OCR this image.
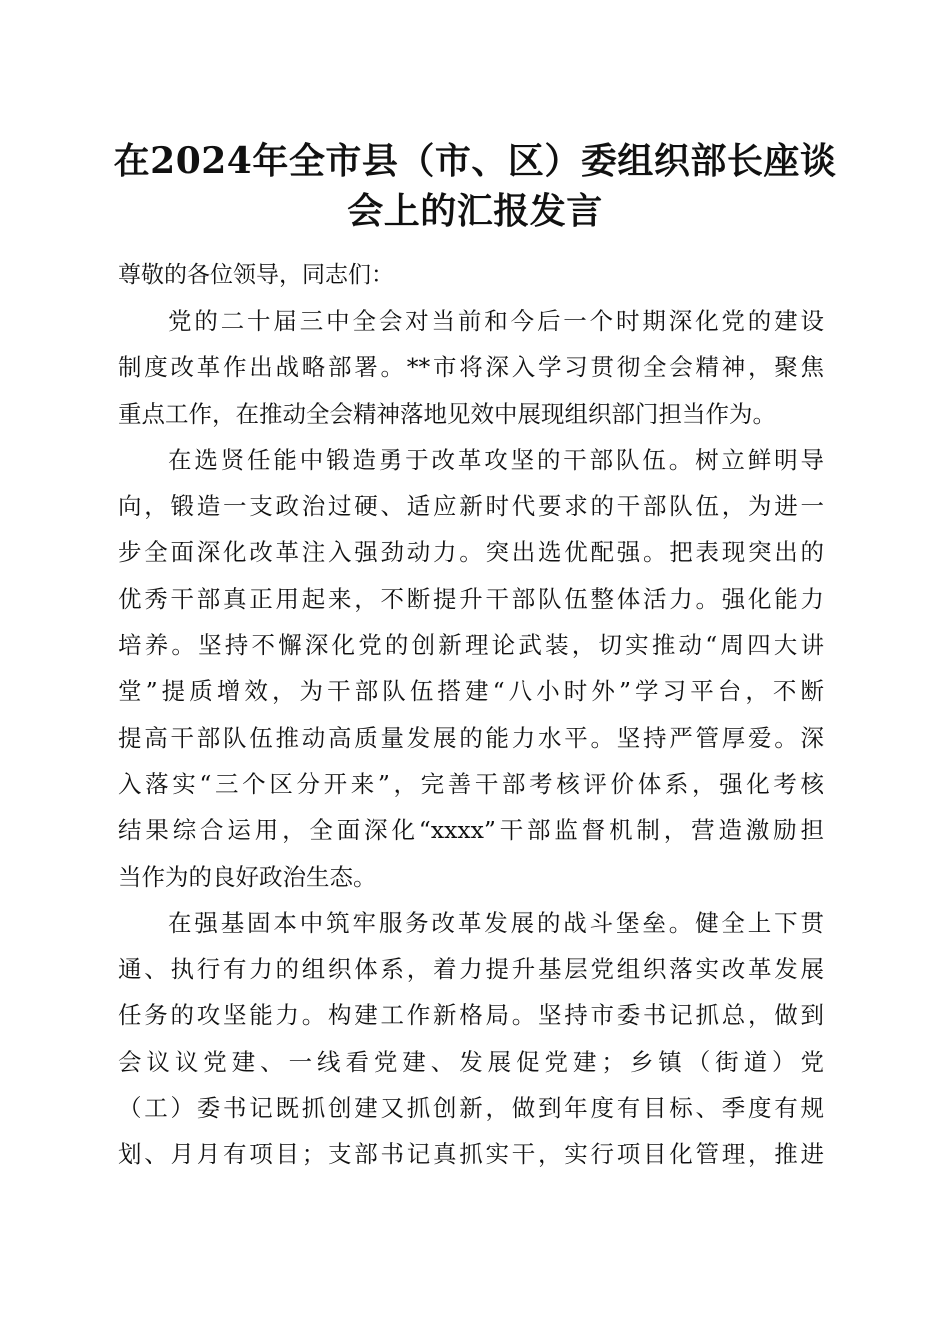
在2024年全市县（市、区）委组织部长座谈
会上的汇报发言

尊敬的各位领导，同志们：

党的二十届三中全会对当前和今后一个时期深化党的建设
制度改革作出战略部署。**市将深入学习贯彻全会精神，聚焦
重点工作，在推动全会精神落地见效中展现组织部门担当作为。
在选贤任能中锻造勇于改革攻坚的干部队伍。树立鲜明导
向，锻造一支政治过硬、适应新时代要求的干部队伍，为进一
步全面深化改革注入强劲动力。突出选优配强。把表现突出的
优秀干部真正用起来，不断提升干部队伍整体活力。强化能力
培养。坚持不懈深化党的创新理论武装，切实推动“周四大讲
堂”提质增效，为干部队伍搭建“八小时外”学习平台，不断
提高干部队伍推动高质量发展的能力水平。坚持严管厚爱。深
入落实“三个区分开来”，完善干部考核评价体系，强化考核
结果综合运用，全面深化“xxxx”干部监督机制，营造激励担
当作为的良好政治生态。
在强基固本中筑牢服务改革发展的战斗堡垒。健全上下贯
通、执行有力的组织体系，着力提升基层党组织落实改革发展
任务的攻坚能力。构建工作新格局。坚持市委书记抓总，做到
会议议党建、一线看党建、发展促党建；乡镇（街道）党
（工）委书记既抓创建又抓创新，做到年度有目标、季度有规
划、月月有项目；支部书记真抓实干，实行项目化管理，推进
